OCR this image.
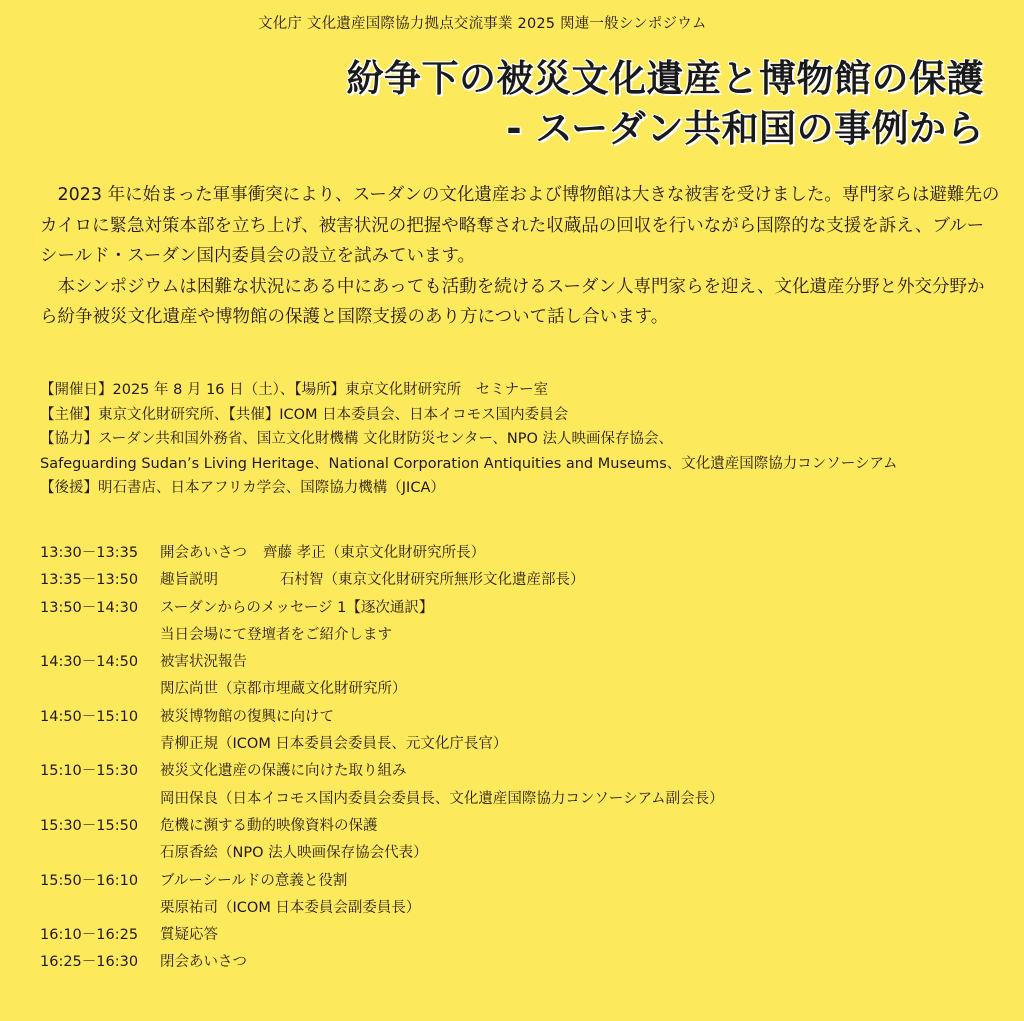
文化庁 文化遺産国際協力拠点交流事業 2025 関連一般シンポジウム
紛争下の被災文化遺産と博物館の保護
- スーダン共和国の事例から

2023 年に始まった軍事衝突により、スーダンの文化遺産および博物館は大きな被害を受けました。専門家らは避難先のカイロに緊急対策本部を立ち上げ、被害状況の把握や略奪された収蔵品の回収を行いながら国際的な支援を訴え、ブルーシールド・スーダン国内委員会の設立を試みています。

本シンポジウムは困難な状況にある中にあっても活動を続けるスーダン人専門家らを迎え、文化遺産分野と外交分野から紛争被災文化遺産や博物館の保護と国際支援のあり方について話し合います。

【開催日】2025 年 8 月 16 日（土）、【場所】東京文化財研究所　セミナー室
【主催】東京文化財研究所、【共催】ICOM 日本委員会、日本イコモス国内委員会
【協力】スーダン共和国外務省、国立文化財機構 文化財防災センター、NPO 法人映画保存協会、
Safeguarding Sudan’s Living Heritage、National Corporation Antiquities and Museums、文化遺産国際協力コンソーシアム
【後援】明石書店、日本アフリカ学会、国際協力機構（JICA）
13:30－13:35	開会あいさつ 齊藤 孝正（東京文化財研究所長）
13:35－13:50	趣旨説明	石村智（東京文化財研究所無形文化遺産部長）
13:50－14:30	スーダンからのメッセージ 1【逐次通訳】
当日会場にて登壇者をご紹介します
14:30－14:50	被害状況報告
関広尚世（京都市埋蔵文化財研究所）
14:50－15:10	被災博物館の復興に向けて
青柳正規（ICOM 日本委員会委員長、元文化庁長官）
15:10－15:30	被災文化遺産の保護に向けた取り組み
岡田保良（日本イコモス国内委員会委員長、文化遺産国際協力コンソーシアム副会長）
15:30－15:50	危機に瀕する動的映像資料の保護
石原香絵（NPO 法人映画保存協会代表）
15:50－16:10	ブルーシールドの意義と役割
栗原祐司（ICOM 日本委員会副委員長）
16:10－16:25	質疑応答
16:25－16:30	閉会あいさつ
